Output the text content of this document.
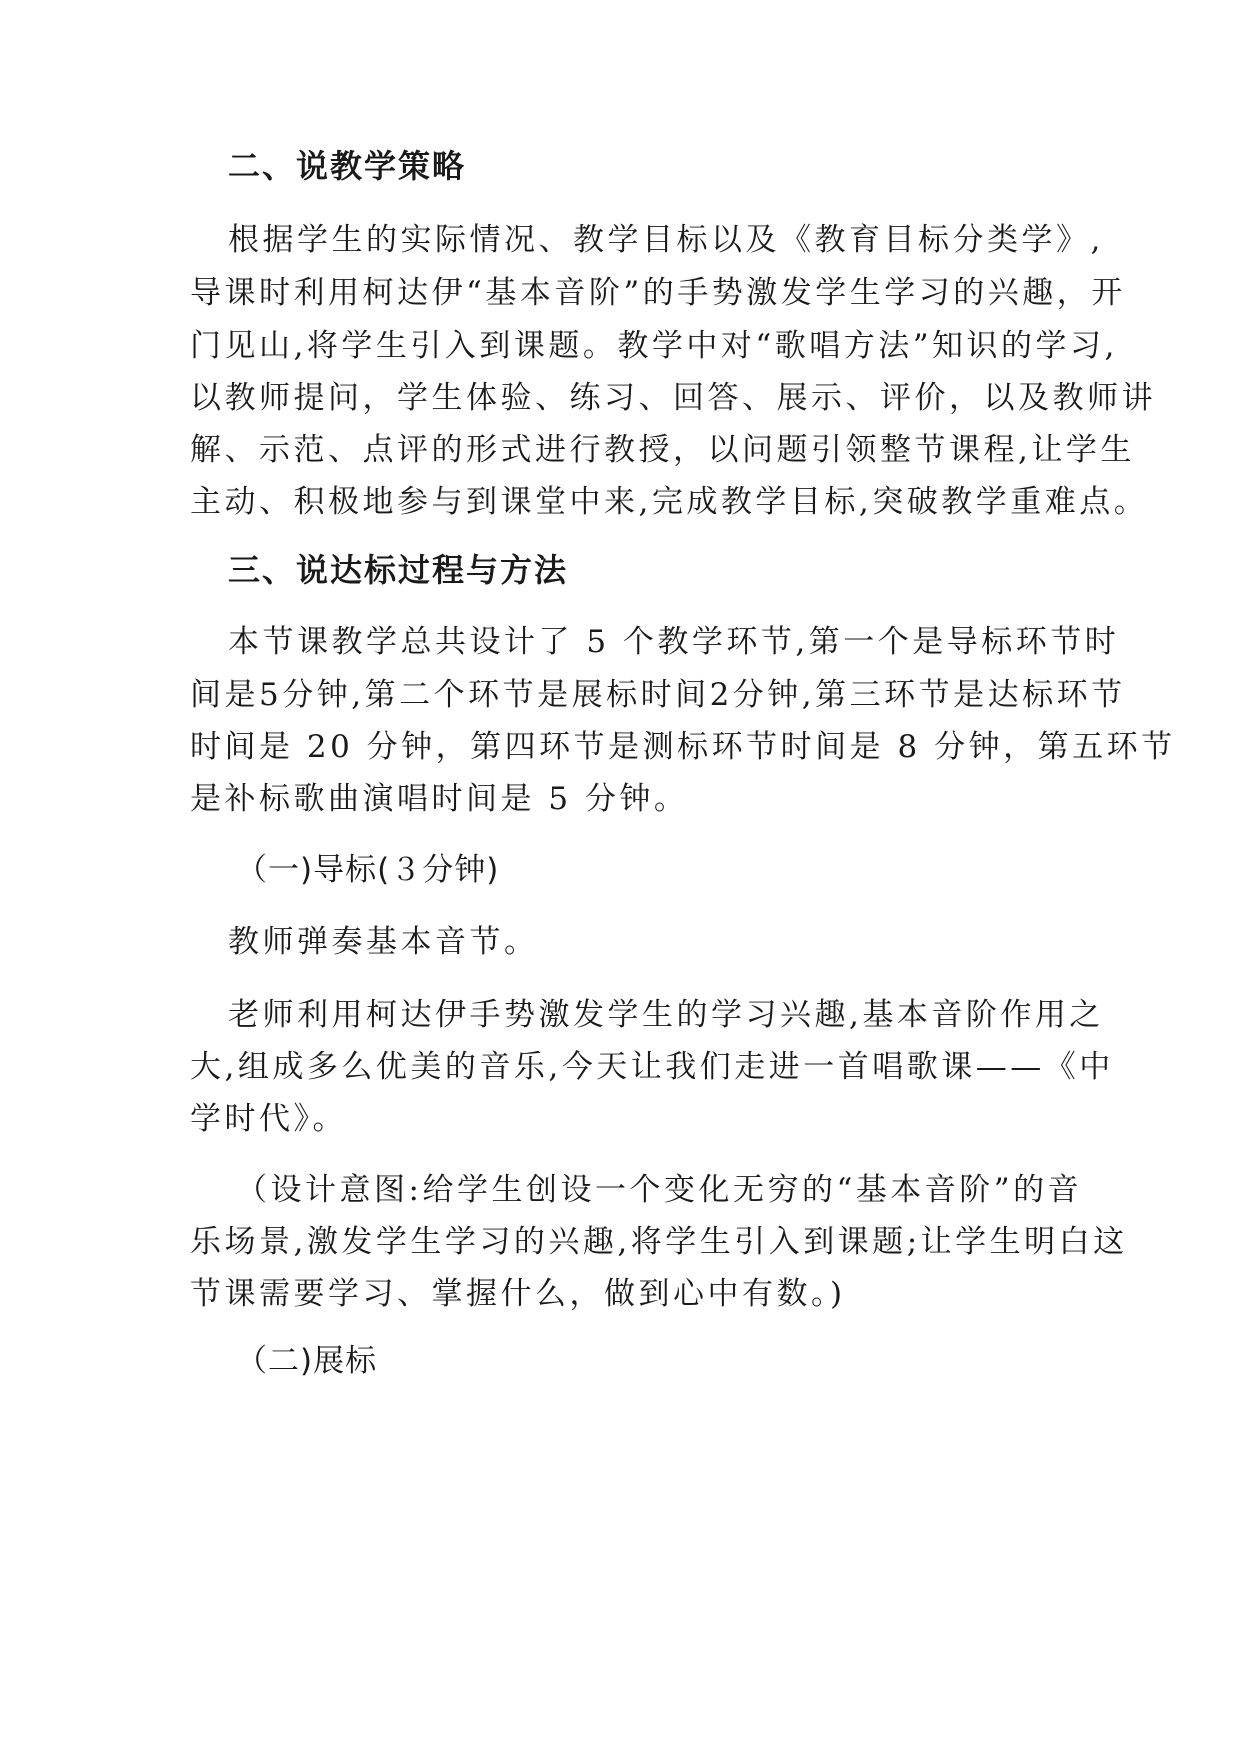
二、说教学策略
根据学生的实际情况、教学目标以及《教育目标分类学》,
导课时利用柯达伊“基本音阶”的手势激发学生学习的兴趣，开
门见山,将学生引入到课题。教学中对“歌唱方法”知识的学习,
以教师提问，学生体验、练习、回答、展示、评价，以及教师讲
解、示范、点评的形式进行教授，以问题引领整节课程,让学生
主动、积极地参与到课堂中来,完成教学目标,突破教学重难点。
三、说达标过程与方法
本节课教学总共设计了 5 个教学环节,第一个是导标环节时
间是5分钟,第二个环节是展标时间2分钟,第三环节是达标环节
时间是 20 分钟，第四环节是测标环节时间是 8 分钟，第五环节
是补标歌曲演唱时间是 5 分钟。
（一)导标(３分钟)
教师弹奏基本音节。
老师利用柯达伊手势激发学生的学习兴趣,基本音阶作用之
大,组成多么优美的音乐,今天让我们走进一首唱歌课——《中
学时代》。
（设计意图:给学生创设一个变化无穷的“基本音阶”的音
乐场景,激发学生学习的兴趣,将学生引入到课题;让学生明白这
节课需要学习、掌握什么，做到心中有数。)
（二)展标
